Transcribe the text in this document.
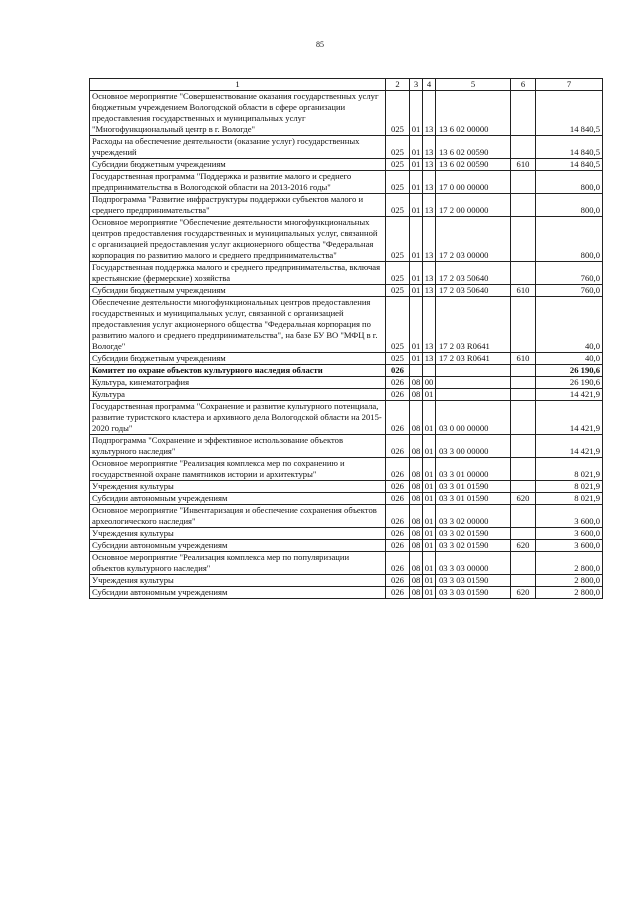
85
1	2	3	4	5	6	7
Основное мероприятие "Совершенствование оказания государственных услуг бюджетным учреждением Вологодской области в сфере организации предоставления государственных и муниципальных услуг "Многофункциональный центр в г. Вологде"	025	01	13	13 6 02 00000		14 840,5
Расходы на обеспечение деятельности (оказание услуг) государственных учреждений	025	01	13	13 6 02 00590		14 840,5
Субсидии бюджетным учреждениям	025	01	13	13 6 02 00590	610	14 840,5
Государственная программа "Поддержка и развитие малого и среднего предпринимательства в Вологодской области на 2013-2016 годы"	025	01	13	17 0 00 00000		800,0
Подпрограмма "Развитие инфраструктуры поддержки субъектов малого и среднего предпринимательства"	025	01	13	17 2 00 00000		800,0
Основное мероприятие "Обеспечение деятельности многофункциональных центров предоставления государственных и муниципальных услуг, связанной с организацией предоставления услуг акционерного общества "Федеральная корпорация по развитию малого и среднего предпринимательства"	025	01	13	17 2 03 00000		800,0
Государственная поддержка малого и среднего предпринимательства, включая крестьянские (фермерские) хозяйства	025	01	13	17 2 03 50640		760,0
Субсидии бюджетным учреждениям	025	01	13	17 2 03 50640	610	760,0
Обеспечение деятельности многофункциональных центров предоставления государственных и муниципальных услуг, связанной с организацией предоставления услуг акционерного общества "Федеральная корпорация по развитию малого и среднего предпринимательства", на базе БУ ВО "МФЦ в г. Вологде"	025	01	13	17 2 03 R0641		40,0
Субсидии бюджетным учреждениям	025	01	13	17 2 03 R0641	610	40,0
Комитет по охране объектов культурного наследия области	026					26 190,6
Культура, кинематография	026	08	00			26 190,6
Культура	026	08	01			14 421,9
Государственная программа "Сохранение и развитие культурного потенциала, развитие туристского кластера и архивного дела Вологодской области на 2015-2020 годы"	026	08	01	03 0 00 00000		14 421,9
Подпрограмма "Сохранение и эффективное использование объектов культурного наследия"	026	08	01	03 3 00 00000		14 421,9
Основное мероприятие "Реализация комплекса мер по сохранению и государственной охране памятников истории и архитектуры"	026	08	01	03 3 01 00000		8 021,9
Учреждения культуры	026	08	01	03 3 01 01590		8 021,9
Субсидии автономным учреждениям	026	08	01	03 3 01 01590	620	8 021,9
Основное мероприятие "Инвентаризация и обеспечение сохранения объектов археологического наследия"	026	08	01	03 3 02 00000		3 600,0
Учреждения культуры	026	08	01	03 3 02 01590		3 600,0
Субсидии автономным учреждениям	026	08	01	03 3 02 01590	620	3 600,0
Основное мероприятие "Реализация комплекса мер по популяризации объектов культурного наследия"	026	08	01	03 3 03 00000		2 800,0
Учреждения культуры	026	08	01	03 3 03 01590		2 800,0
Субсидии автономным учреждениям	026	08	01	03 3 03 01590	620	2 800,0
